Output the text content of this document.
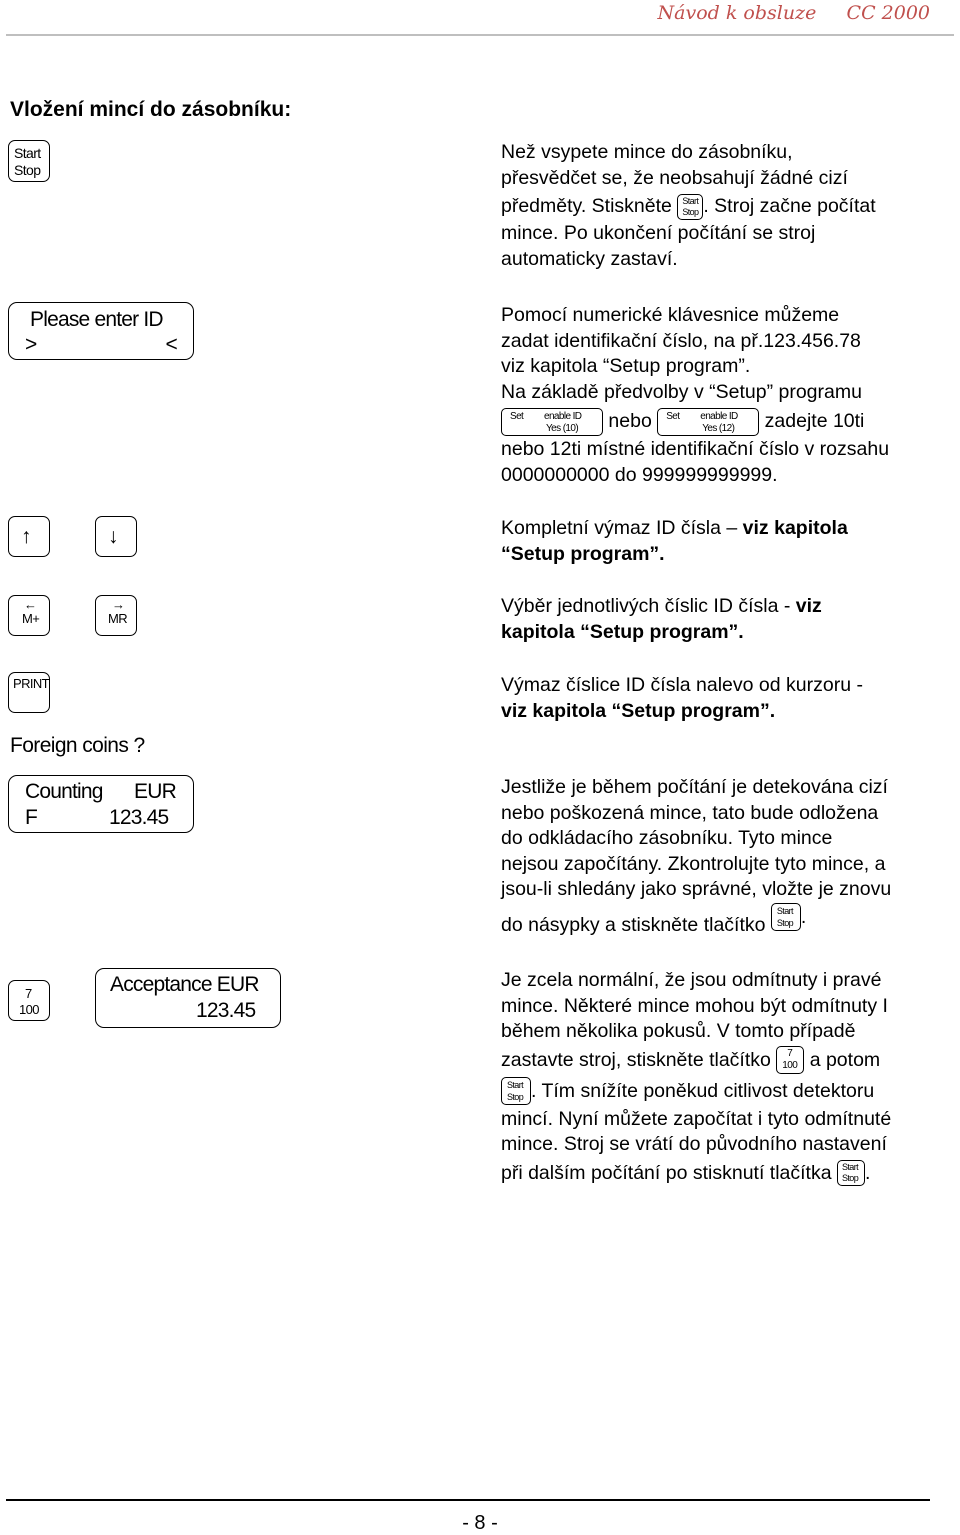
Návod k obsluze CC 2000
Vložení mincí do zásobníku:
Start
Stop
Please enter ID
>	<
↑	↓
←
M+
→
MR
PRINT
Foreign coins ?
Counting EUR
F	123.45
7
100
Acceptance EUR
123.45
Než vsypete mince do zásobníku,
přesvědčet se, že neobsahují žádné cizí
předměty. Stiskněte Start
Stop . Stroj začne počítat
mince. Po ukončení počítání se stroj
automaticky zastaví.
Pomocí numerické klávesnice můžeme
zadat identifikační číslo, na př.123.456.78
viz kapitola “Setup program”.
Na základě předvolby v “Setup” programu
Set enable ID
Yes (10) nebo Set enable ID
Yes (12) zadejte 10ti
nebo 12ti místné identifikační číslo v rozsahu
0000000000 do 999999999999.
Kompletní výmaz ID čísla – viz kapitola
“Setup program”.
Výběr jednotlivých číslic ID čísla - viz
kapitola “Setup program”.
Výmaz číslice ID čísla nalevo od kurzoru -
viz kapitola “Setup program”.
Jestliže je během počítání je detekována cizí
nebo poškozená mince, tato bude odložena
do odkládacího zásobníku. Tyto mince
nejsou započítány. Zkontrolujte tyto mince, a
jsou-li shledány jako správné, vložte je znovu
do násypky a stiskněte tlačítko
Start
Stop .
Je zcela normální, že jsou odmítnuty i pravé
mince. Některé mince mohou být odmítnuty I
během několika pokusů. V tomto případě
zastavte stroj, stiskněte tlačítko 7
100 a potom
Start
Stop . Tím snížíte poněkud citlivost detektoru
mincí. Nyní můžete započítat i tyto odmítnuté
mince. Stroj se vrátí do původního nastavení
při dalším počítání po stisknutí tlačítka Start
Stop .
- 8 -
